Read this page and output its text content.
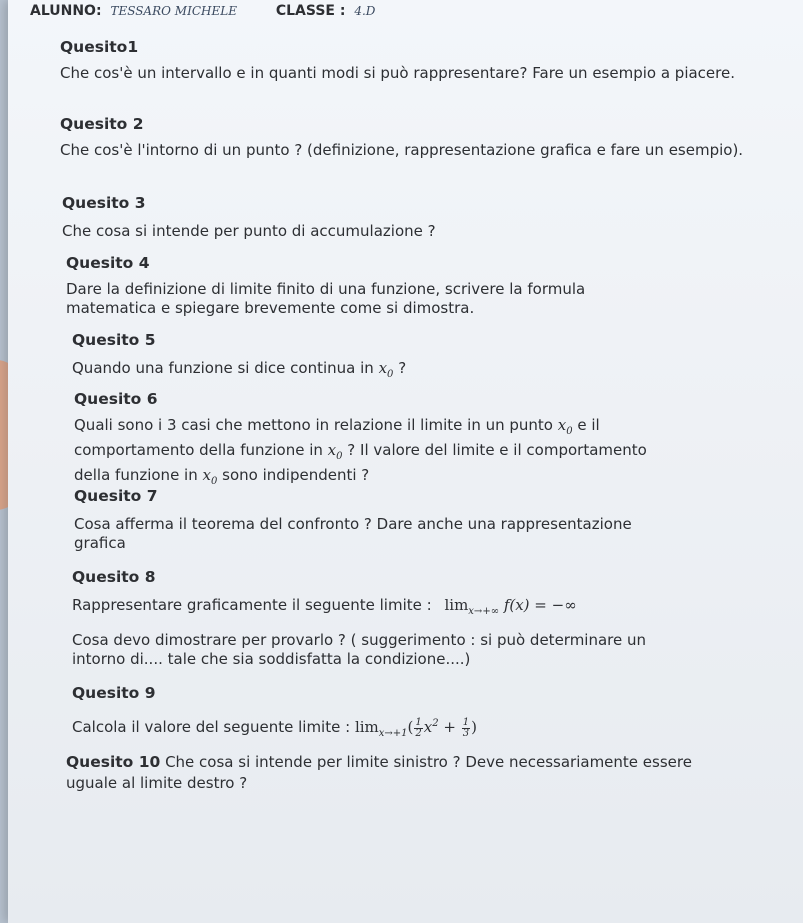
ALUNNO: TESSARO MICHELE	CLASSE : 4.D
Quesito1

Che cos'è un intervallo e in quanti modi si può rappresentare? Fare un esempio a piacere.

Quesito 2

Che cos'è l'intorno di un punto ? (definizione, rappresentazione grafica e fare un esempio).

Quesito 3

Che cosa si intende per punto di accumulazione ?

Quesito 4

Dare la definizione di limite finito di una funzione, scrivere la formula matematica e spiegare brevemente come si dimostra.

Quesito 5

Quando una funzione si dice continua in $x_0$ ?

Quesito 6

Quali sono i 3 casi che mettono in relazione il limite in un punto $x_0$ e il comportamento della funzione in $x_0$ ? Il valore del limite e il comportamento della funzione in $x_0$ sono indipendenti ?

Quesito 7

Cosa afferma il teorema del confronto ? Dare anche una rappresentazione grafica

Quesito 8

Rappresentare graficamente il seguente limite : $\lim_{x\to+\infty} f(x)$ = −∞

Cosa devo dimostrare per provarlo ? ( suggerimento : si può determinare un intorno di.... tale che sia soddisfatta la condizione....)

Quesito 9

Calcola il valore del seguente limite : $\lim_{x\to+1}( \frac{1}{2} x^2 + \frac{1}{3}$ )

Quesito 10 Che cosa si intende per limite sinistro ? Deve necessariamente essere uguale al limite destro ?
